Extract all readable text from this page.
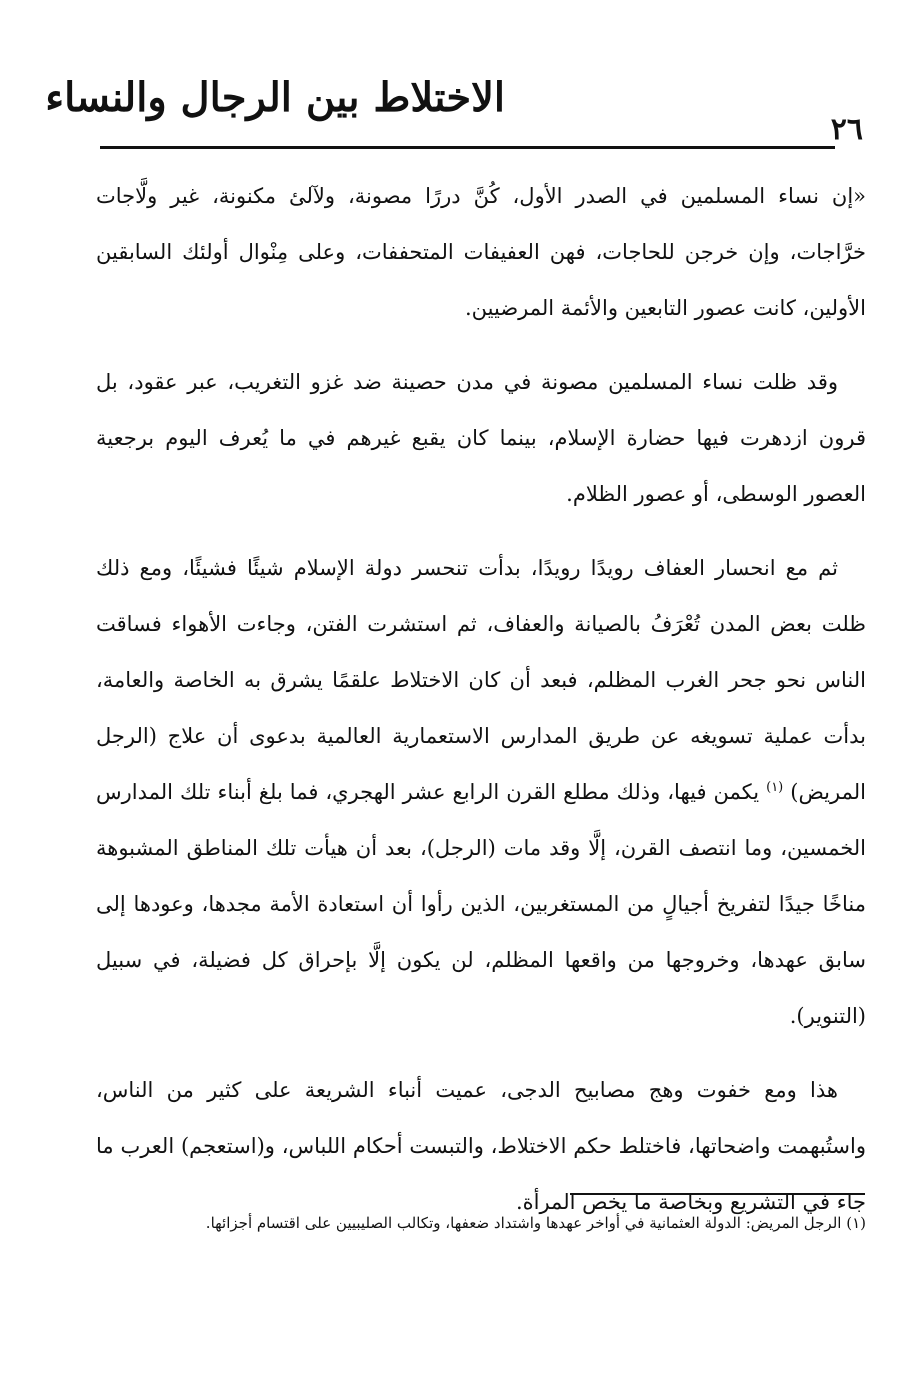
الاختلاط بين الرجال والنساء
٢٦

«إن نساء المسلمين في الصدر الأول، كُنَّ دررًا مصونة، ولآلئ مكنونة، غير ولَّاجات خرَّاجات، وإن خرجن للحاجات، فهن العفيفات المتحففات، وعلى مِنْوال أولئك السابقين الأولين، كانت عصور التابعين والأئمة المرضيين.

وقد ظلت نساء المسلمين مصونة في مدن حصينة ضد غزو التغريب، عبر عقود، بل قرون ازدهرت فيها حضارة الإسلام، بينما كان يقبع غيرهم في ما يُعرف اليوم برجعية العصور الوسطى، أو عصور الظلام.

ثم مع انحسار العفاف رويدًا رويدًا، بدأت تنحسر دولة الإسلام شيئًا فشيئًا، ومع ذلك ظلت بعض المدن تُعْرَفُ بالصيانة والعفاف، ثم استشرت الفتن، وجاءت الأهواء فساقت الناس نحو جحر الغرب المظلم، فبعد أن كان الاختلاط علقمًا يشرق به الخاصة والعامة، بدأت عملية تسويغه عن طريق المدارس الاستعمارية العالمية بدعوى أن علاج (الرجل المريض) $^{(١)}$ يكمن فيها، وذلك مطلع القرن الرابع عشر الهجري، فما بلغ أبناء تلك المدارس الخمسين، وما انتصف القرن، إلَّا وقد مات (الرجل)، بعد أن هيأت تلك المناطق المشبوهة مناخًا جيدًا لتفريخ أجيالٍ من المستغربين، الذين رأوا أن استعادة الأمة مجدها، وعودها إلى سابق عهدها، وخروجها من واقعها المظلم، لن يكون إلَّا بإحراق كل فضيلة، في سبيل (التنوير).

هذا ومع خفوت وهج مصابيح الدجى، عميت أنباء الشريعة على كثير من الناس، واستُبهمت واضحاتها، فاختلط حكم الاختلاط، والتبست أحكام اللباس، و(استعجم) العرب ما جاء في التشريع وبخاصة ما يخص المرأة.

(١) الرجل المريض: الدولة العثمانية في أواخر عهدها واشتداد ضعفها، وتكالب الصليبيين على اقتسام أجزائها.
